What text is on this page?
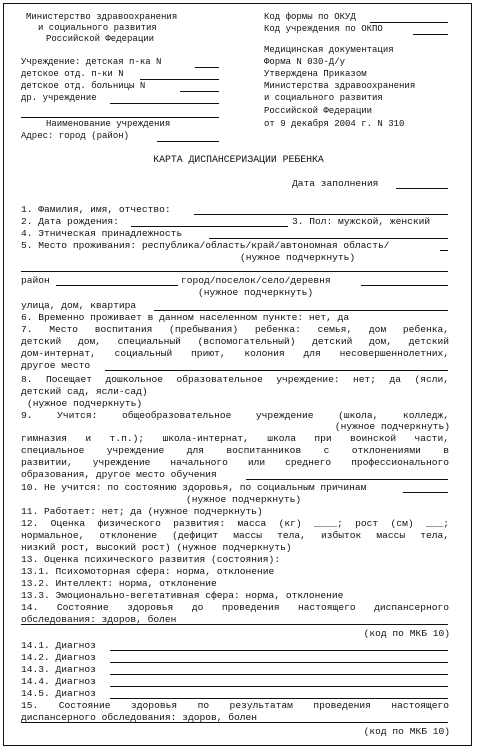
Министерство здравоохранения
и социального развития
Российской Федерации
Учреждение: детская п-ка N
детское отд. п-ки N
детское отд. больницы N
др. учреждение
Наименование учреждения
Адрес: город (район)
Код формы по ОКУД
Код учреждения по ОКПО
Медицинская документация
Форма N 030-Д/у
Утверждена Приказом
Министерства здравоохранения
и социального развития
Российской Федерации
от 9 декабря 2004 г. N 310
КАРТА ДИСПАНСЕРИЗАЦИИ РЕБЕНКА
Дата заполнения
1. Фамилия, имя, отчество:
2. Дата рождения:	3. Пол: мужской, женский
4. Этническая принадлежность
5. Место проживания: республика/область/край/автономная область/
(нужное подчеркнуть)
район	город/поселок/село/деревня
(нужное подчеркнуть)
улица, дом, квартира
6. Временно проживает в данном населенном пункте: нет, да
7. Место воспитания (пребывания) ребенка: семья, дом ребенка,
детский дом, специальный (вспомогательный) детский дом, детский
дом-интернат, социальный приют, колония для несовершеннолетних,
другое место
8. Посещает дошкольное образовательное учреждение: нет; да (ясли,
детский сад, ясли-сад)
(нужное подчеркнуть)
9. Учится: общеобразовательное учреждение (школа, колледж,
(нужное подчеркнуть)
гимназия и т.п.); школа-интернат, школа при воинской части,
специальное учреждение для воспитанников с отклонениями в
развитии, учреждение начального или среднего профессионального
образования, другое место обучения
10. Не учится: по состоянию здоровья, по социальным причинам
(нужное подчеркнуть)
11. Работает: нет; да (нужное подчеркнуть)
12. Оценка физического развития: масса (кг) ____; рост (см) ___;
нормальное, отклонение (дефицит массы тела, избыток массы тела,
низкий рост, высокий рост) (нужное подчеркнуть)
13. Оценка психического развития (состояния):
13.1. Психомоторная сфера: норма, отклонение
13.2. Интеллект: норма, отклонение
13.3. Эмоционально-вегетативная сфера: норма, отклонение
14. Состояние здоровья до проведения настоящего диспансерного
обследования: здоров, болен
(код по МКБ 10)
14.1. Диагноз
14.2. Диагноз
14.3. Диагноз
14.4. Диагноз
14.5. Диагноз
15. Состояние здоровья по результатам проведения настоящего
диспансерного обследования: здоров, болен
(код по МКБ 10)
